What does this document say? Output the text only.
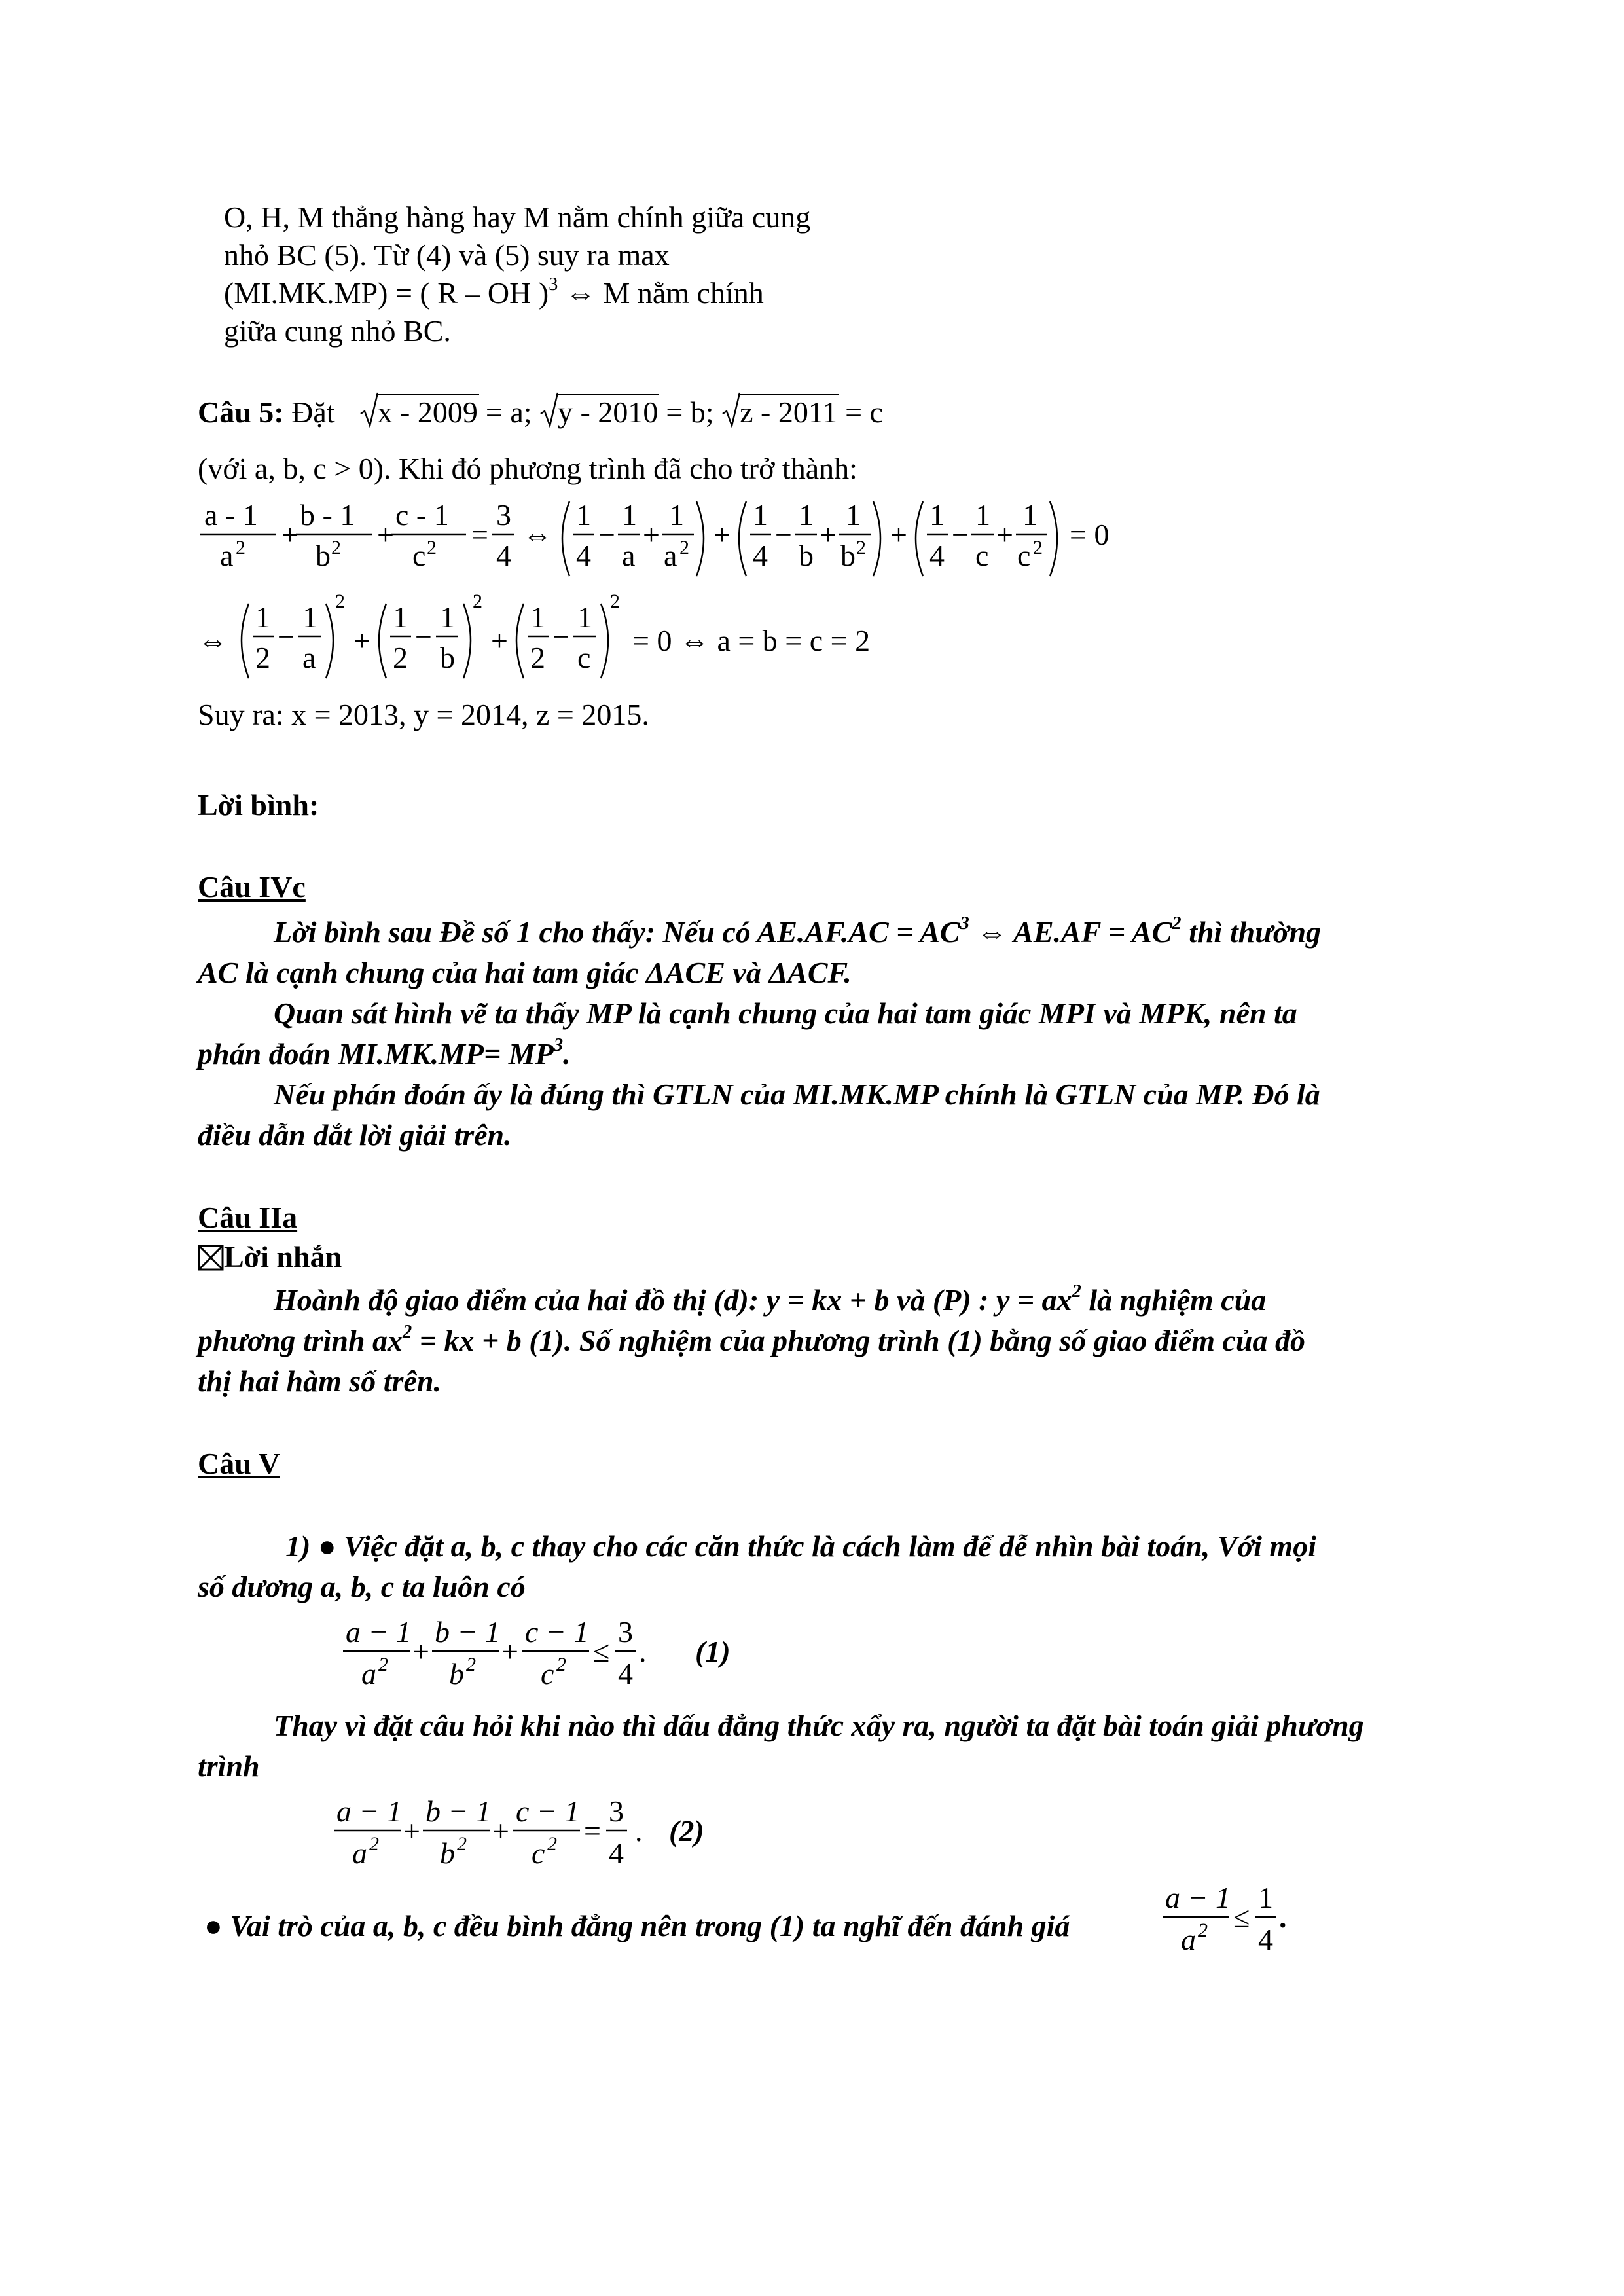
O, H, M thẳng hàng hay M nằm chính giữa cung
nhỏ BC (5). Từ (4) và (5) suy ra max
(MI.MK.MP) = ( R – OH )$^3$ ⇔ M nằm chính
giữa cung nhỏ BC.
Câu 5: Đặt x - 2009 = a; y - 2010 = b; z - 2011 = c
(với a, b, c > 0). Khi đó phương trình đã cho trở thành:
a - 1
a 2 +
b - 1
b 2 +
c - 1
c 2 =
3
4
⇔
1
4
−
1
a
+
1
a 2 +
1
4
−
1
b
+
1
b 2 +
1
4
−
1
c
+
1
c 2 = 0
⇔
1
2
−
1
a
2
+
1
2
−
1
b
2
+
1
2
−
1
c
2
= 0 ⇔ a = b = c = 2
Suy ra: x = 2013, y = 2014, z = 2015.
Lời bình:
Câu IVc
Lời bình sau Đề số 1 cho thấy: Nếu có $AE.AF.AC = AC^3$ ⇔ $AE.AF = AC^2$ thì thường
AC là cạnh chung của hai tam giác ΔACE và ΔACF.
Quan sát hình vẽ ta thấy MP là cạnh chung của hai tam giác MPI và MPK, nên ta
phán đoán $MI.MK.MP= MP^3$.
Nếu phán đoán ấy là đúng thì GTLN của MI.MK.MP chính là GTLN của MP. Đó là
điều dẫn dắt lời giải trên.
Câu IIa
Lời nhắn
Hoành độ giao điểm của hai đồ thị (d): y = kx + b và (P) : $y = ax^2$ là nghiệm của
phương trình $ax^2$ = kx + b (1). Số nghiệm của phương trình (1) bằng số giao điểm của đồ
thị hai hàm số trên.
Câu V
1) ● Việc đặt a, b, c thay cho các căn thức là cách làm để dễ nhìn bài toán, Với mọi
số dương a, b, c ta luôn có
a − 1
a 2 +
b − 1
b 2 +
c − 1
c 2 ≤
3
4
. (1)
Thay vì đặt câu hỏi khi nào thì dấu đẳng thức xẩy ra, người ta đặt bài toán giải phương
trình
a − 1
a 2 +
b − 1
b 2 +
c − 1
c 2 =
3
4
. (2)
● Vai trò của a, b, c đều bình đẳng nên trong (1) ta nghĩ đến đánh giá
a − 1
a 2 ≤
1
4
.
